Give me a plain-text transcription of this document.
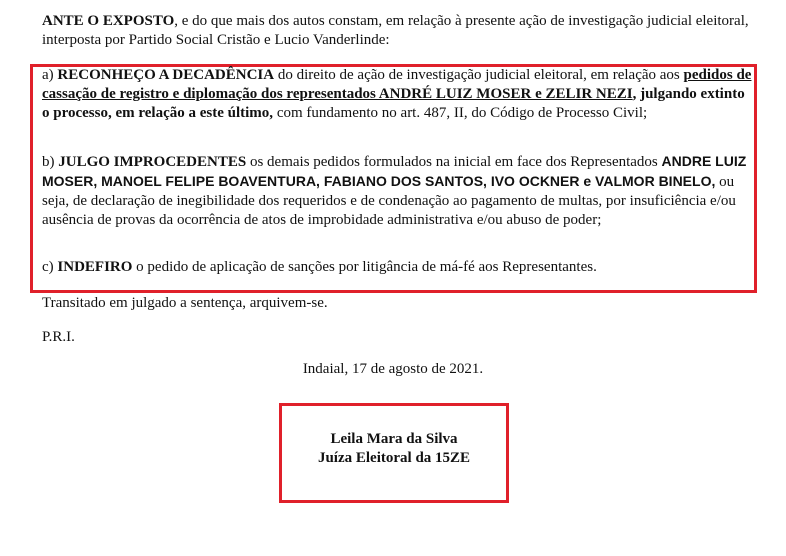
ANTE O EXPOSTO, e do que mais dos autos constam, em relação à presente ação de investigação judicial eleitoral, interposta por Partido Social Cristão e Lucio Vanderlinde:
a) RECONHEÇO A DECADÊNCIA do direito de ação de investigação judicial eleitoral, em relação aos pedidos de cassação de registro e diplomação dos representados ANDRÉ LUIZ MOSER e ZELIR NEZI, julgando extinto o processo, em relação a este último, com fundamento no art. 487, II, do Código de Processo Civil;
b) JULGO IMPROCEDENTES os demais pedidos formulados na inicial em face dos Representados ANDRE LUIZ MOSER, MANOEL FELIPE BOAVENTURA, FABIANO DOS SANTOS, IVO OCKNER e VALMOR BINELO, ou seja, de declaração de inegibilidade dos requeridos e de condenação ao pagamento de multas, por insuficiência e/ou ausência de provas da ocorrência de atos de improbidade administrativa e/ou abuso de poder;
c) INDEFIRO o pedido de aplicação de sanções por litigância de má-fé aos Representantes.
Transitado em julgado a sentença, arquivem-se.
P.R.I.
Indaial, 17 de agosto de 2021.
Leila Mara da Silva
Juíza Eleitoral da 15ZE
